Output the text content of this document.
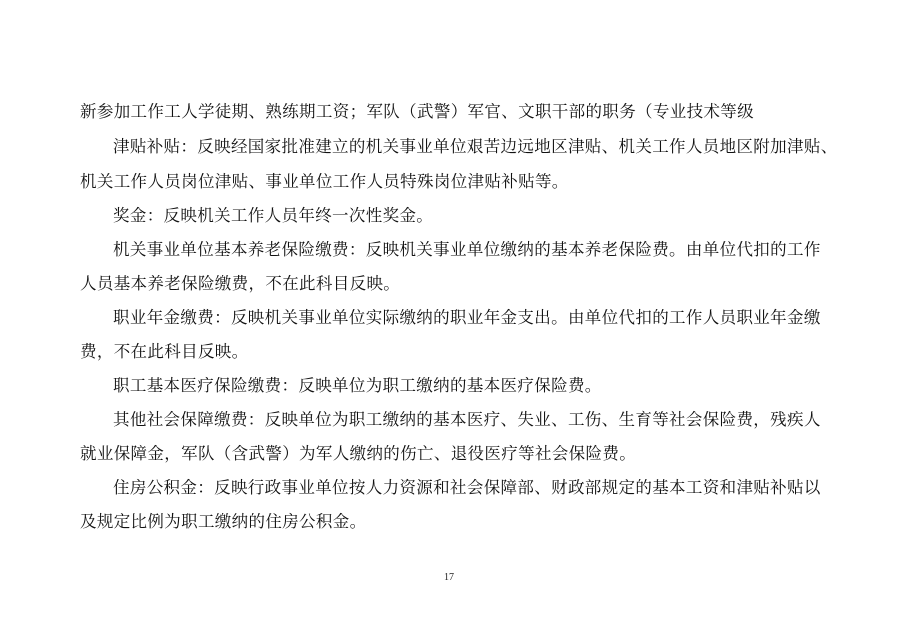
新参加工作工人学徒期、熟练期工资；军队（武警）军官、文职干部的职务（专业技术等级
津贴补贴：反映经国家批准建立的机关事业单位艰苦边远地区津贴、机关工作人员地区附加津贴、
机关工作人员岗位津贴、事业单位工作人员特殊岗位津贴补贴等。
奖金：反映机关工作人员年终一次性奖金。
机关事业单位基本养老保险缴费：反映机关事业单位缴纳的基本养老保险费。由单位代扣的工作
人员基本养老保险缴费，不在此科目反映。
职业年金缴费：反映机关事业单位实际缴纳的职业年金支出。由单位代扣的工作人员职业年金缴
费，不在此科目反映。
职工基本医疗保险缴费：反映单位为职工缴纳的基本医疗保险费。
其他社会保障缴费：反映单位为职工缴纳的基本医疗、失业、工伤、生育等社会保险费，残疾人
就业保障金，军队（含武警）为军人缴纳的伤亡、退役医疗等社会保险费。
住房公积金：反映行政事业单位按人力资源和社会保障部、财政部规定的基本工资和津贴补贴以
及规定比例为职工缴纳的住房公积金。
17
